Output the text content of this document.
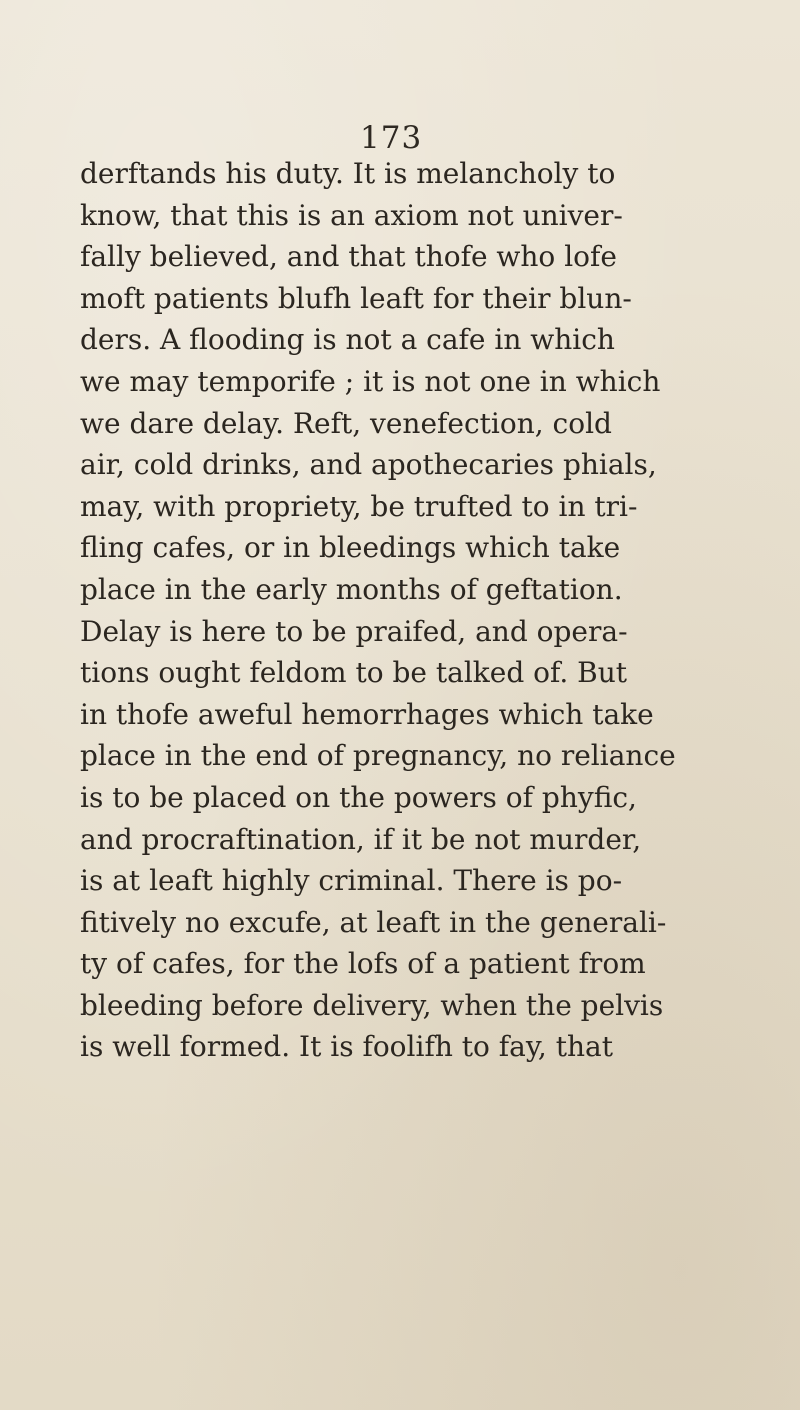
173
derftands his duty. It is melancholy to
know, that this is an axiom not univer-
fally believed, and that thofe who lofe
moft patients blufh leaft for their blun-
ders. A flooding is not a cafe in which
we may temporife ; it is not one in which
we dare delay. Reft, venefection, cold
air, cold drinks, and apothecaries phials,
may, with propriety, be trufted to in tri-
fling cafes, or in bleedings which take
place in the early months of geftation.
Delay is here to be praifed, and opera-
tions ought feldom to be talked of. But
in thofe aweful hemorrhages which take
place in the end of pregnancy, no reliance
is to be placed on the powers of phyfic,
and procraftination, if it be not murder,
is at leaft highly criminal. There is po-
fitively no excufe, at leaft in the generali-
ty of cafes, for the lofs of a patient from
bleeding before delivery, when the pelvis
is well formed. It is foolifh to fay, that
